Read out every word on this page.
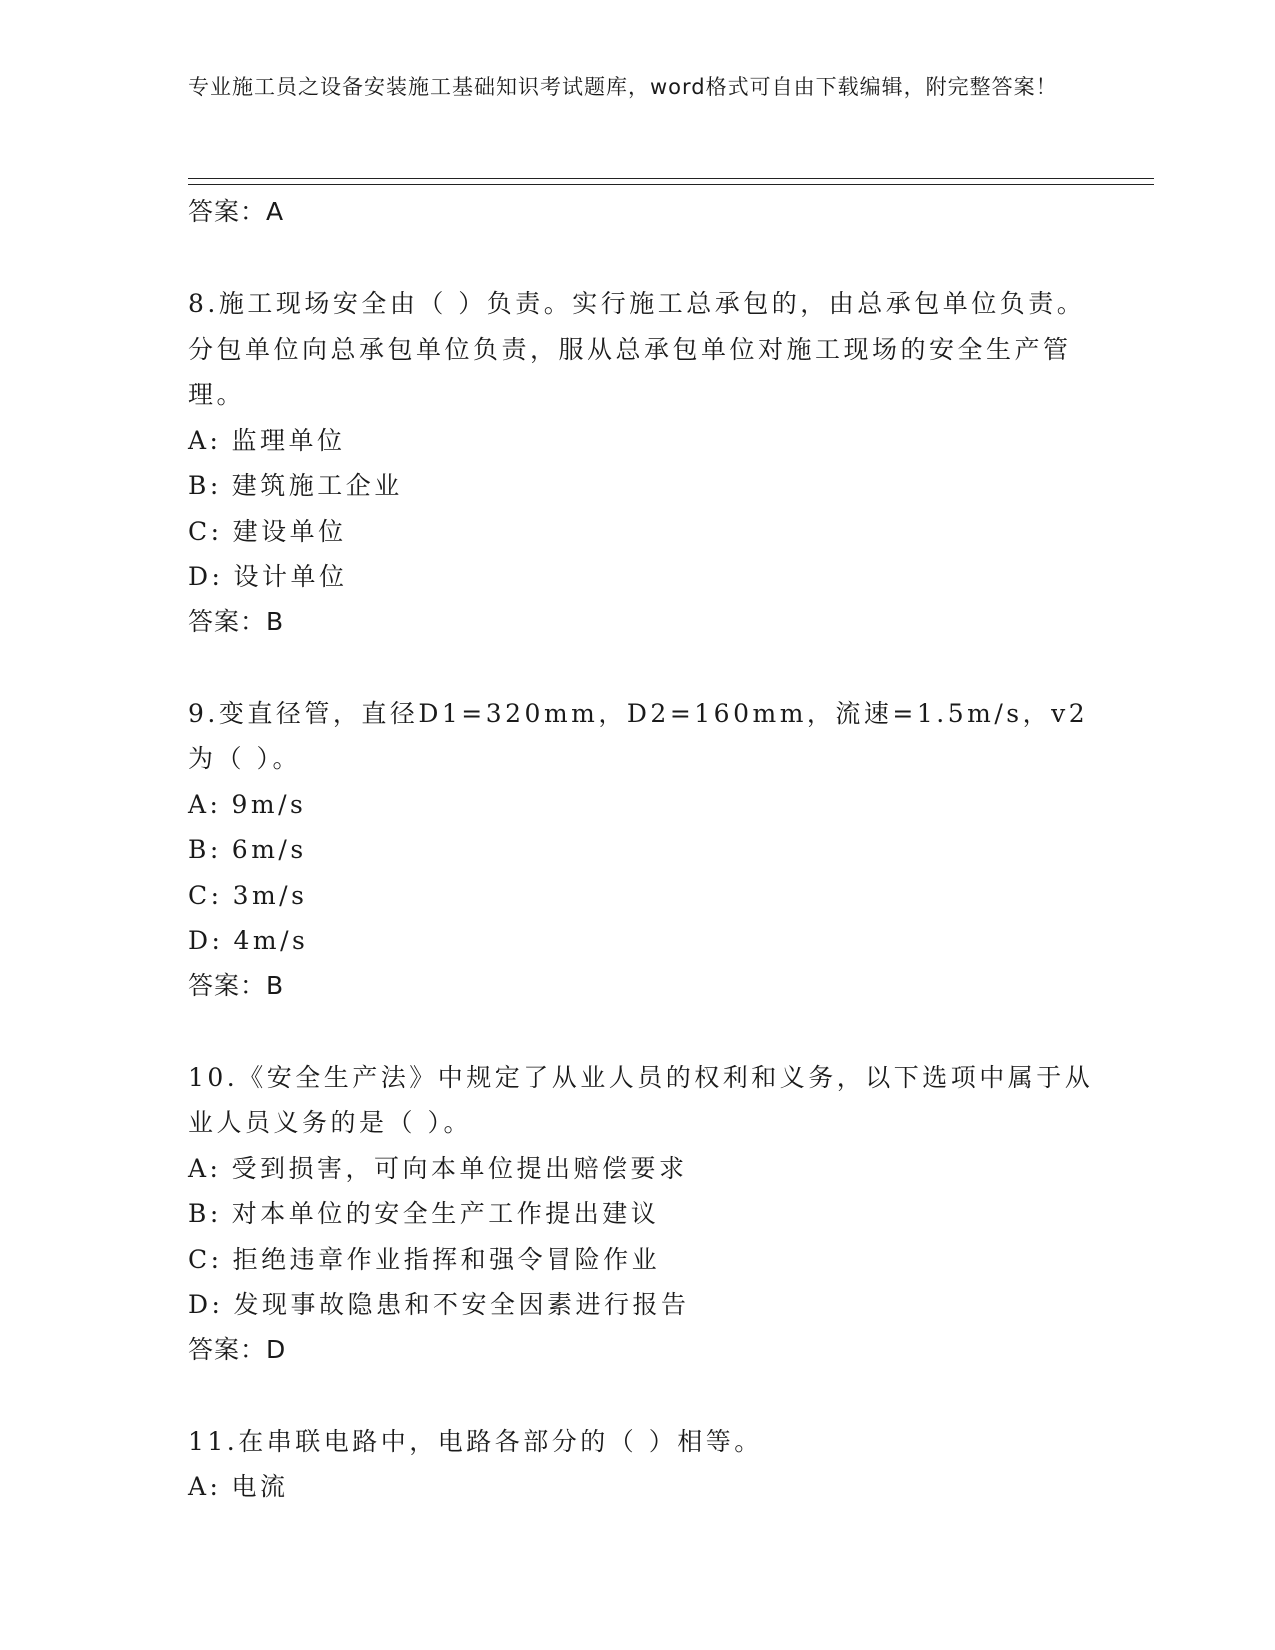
专业施工员之设备安装施工基础知识考试题库，word格式可自由下载编辑，附完整答案！

答案：A

8.施工现场安全由（ ）负责。实行施工总承包的，由总承包单位负责。分包单位向总承包单位负责，服从总承包单位对施工现场的安全生产管理。

A: 监理单位

B: 建筑施工企业

C: 建设单位

D: 设计单位

答案：B

9.变直径管，直径D1=320mm，D2=160mm，流速=1.5m/s，v2为（ ）。

A: 9m/s

B: 6m/s

C: 3m/s

D: 4m/s

答案：B

10.《安全生产法》中规定了从业人员的权利和义务，以下选项中属于从业人员义务的是（ ）。

A: 受到损害，可向本单位提出赔偿要求

B: 对本单位的安全生产工作提出建议

C: 拒绝违章作业指挥和强令冒险作业

D: 发现事故隐患和不安全因素进行报告

答案：D

11.在串联电路中，电路各部分的（ ）相等。

A: 电流
